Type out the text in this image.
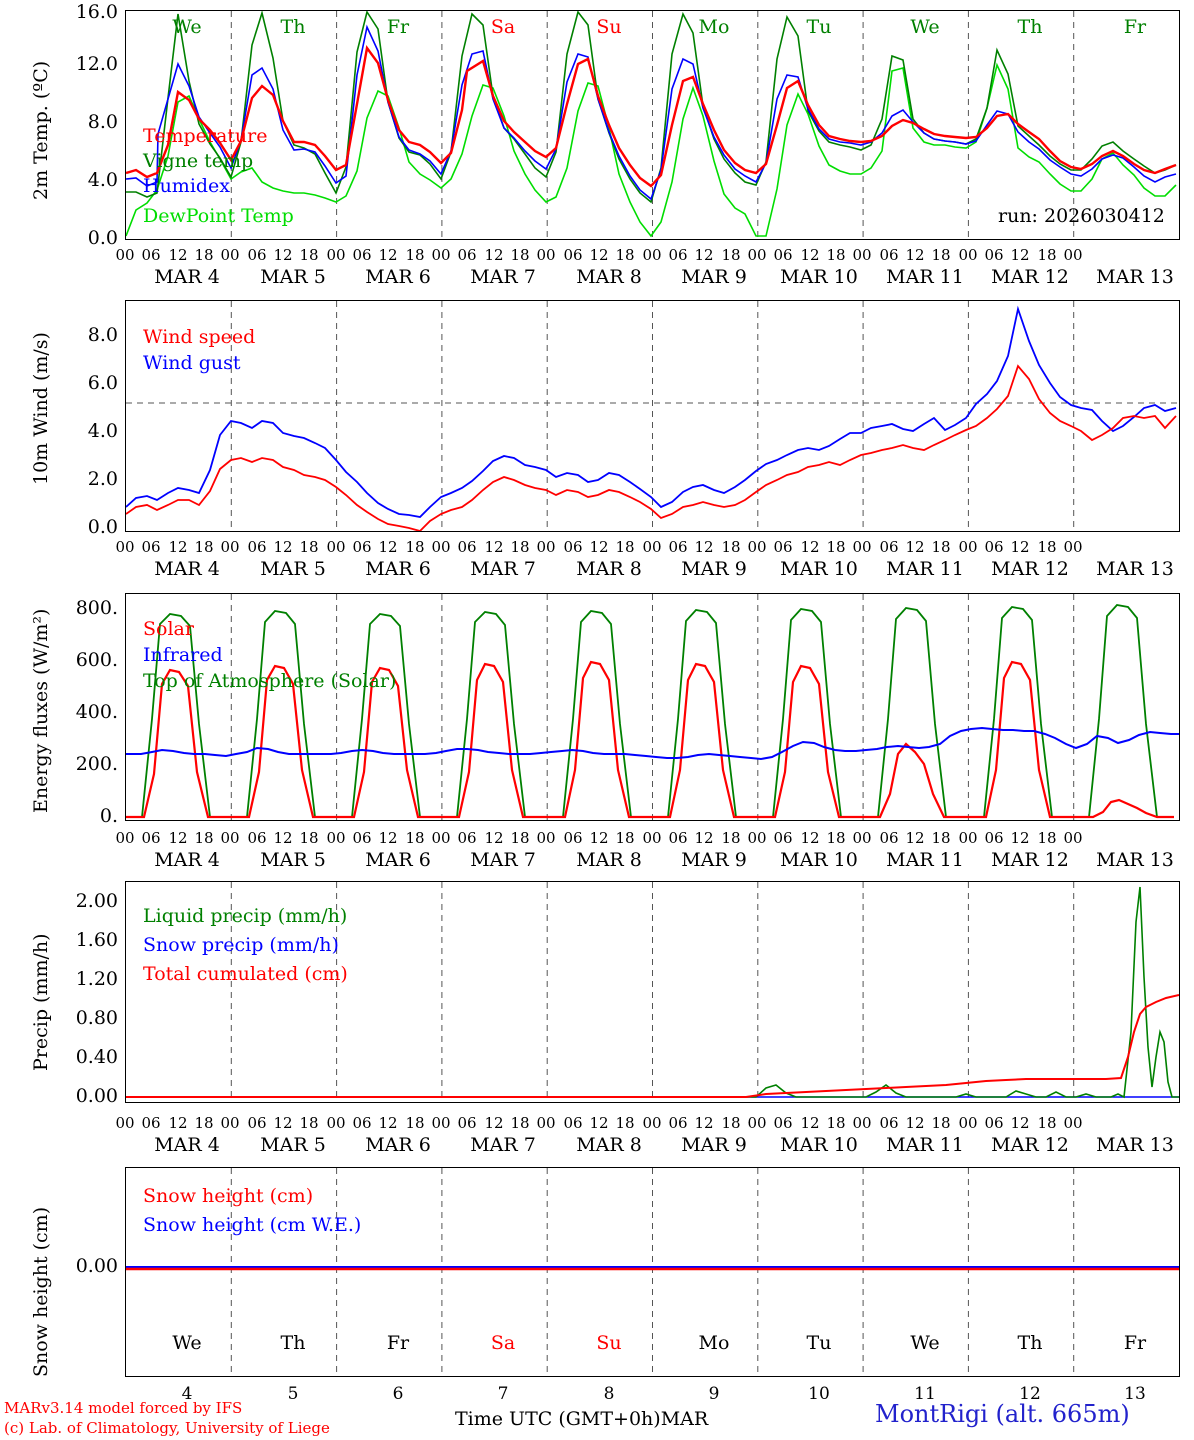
2m Temp. (ºC)
0.0
4.0
8.0
12.0
16.0
We	Th	Fr	Sa	Su	Mo	Tu	We	Th	Fr
Temperature
Vigne temp
Humidex
DewPoint Temp	run: 2026030412
00 06 12 18 00 06 12 18 00 06 12 18 00 06 12 18 00 06 12 18 00 06 12 18 00 06 12 18 00 06 12 18 00 06 12 18 00
MAR 4 MAR 5 MAR 6 MAR 7 MAR 8 MAR 9 MAR 10 MAR 11 MAR 12 MAR 13
10m Wind (m/s)
0.0
2.0
4.0
6.0
8.0 Wind speed
Wind gust
00 06 12 18 00 06 12 18 00 06 12 18 00 06 12 18 00 06 12 18 00 06 12 18 00 06 12 18 00 06 12 18 00 06 12 18 00
MAR 4 MAR 5 MAR 6 MAR 7 MAR 8 MAR 9 MAR 10 MAR 11 MAR 12 MAR 13
Energy fluxes (W/m²)
0.
200.
400.
600.
800.
Solar
Infrared
Top of Atmosphere (Solar)
00 06 12 18 00 06 12 18 00 06 12 18 00 06 12 18 00 06 12 18 00 06 12 18 00 06 12 18 00 06 12 18 00 06 12 18 00
MAR 4 MAR 5 MAR 6 MAR 7 MAR 8 MAR 9 MAR 10 MAR 11 MAR 12 MAR 13
Precip (mm/h)
0.00
0.40
0.80
1.20
1.60
2.00
Liquid precip (mm/h)
Snow precip (mm/h)
Total cumulated (cm)
00 06 12 18 00 06 12 18 00 06 12 18 00 06 12 18 00 06 12 18 00 06 12 18 00 06 12 18 00 06 12 18 00 06 12 18 00
MAR 4 MAR 5 MAR 6 MAR 7 MAR 8 MAR 9 MAR 10 MAR 11 MAR 12 MAR 13
Snow height (cm)	0.00
Snow height (cm)
Snow height (cm W.E.)
We	Th	Fr	Sa	Su	Mo	Tu	We	Th	Fr
4	5	6	7	8	9	10	11	12	13
MARv3.14 model forced by IFS
(c) Lab. of Climatology, University of Liege	Time UTC (GMT+0h)MAR	MontRigi (alt. 665m)
